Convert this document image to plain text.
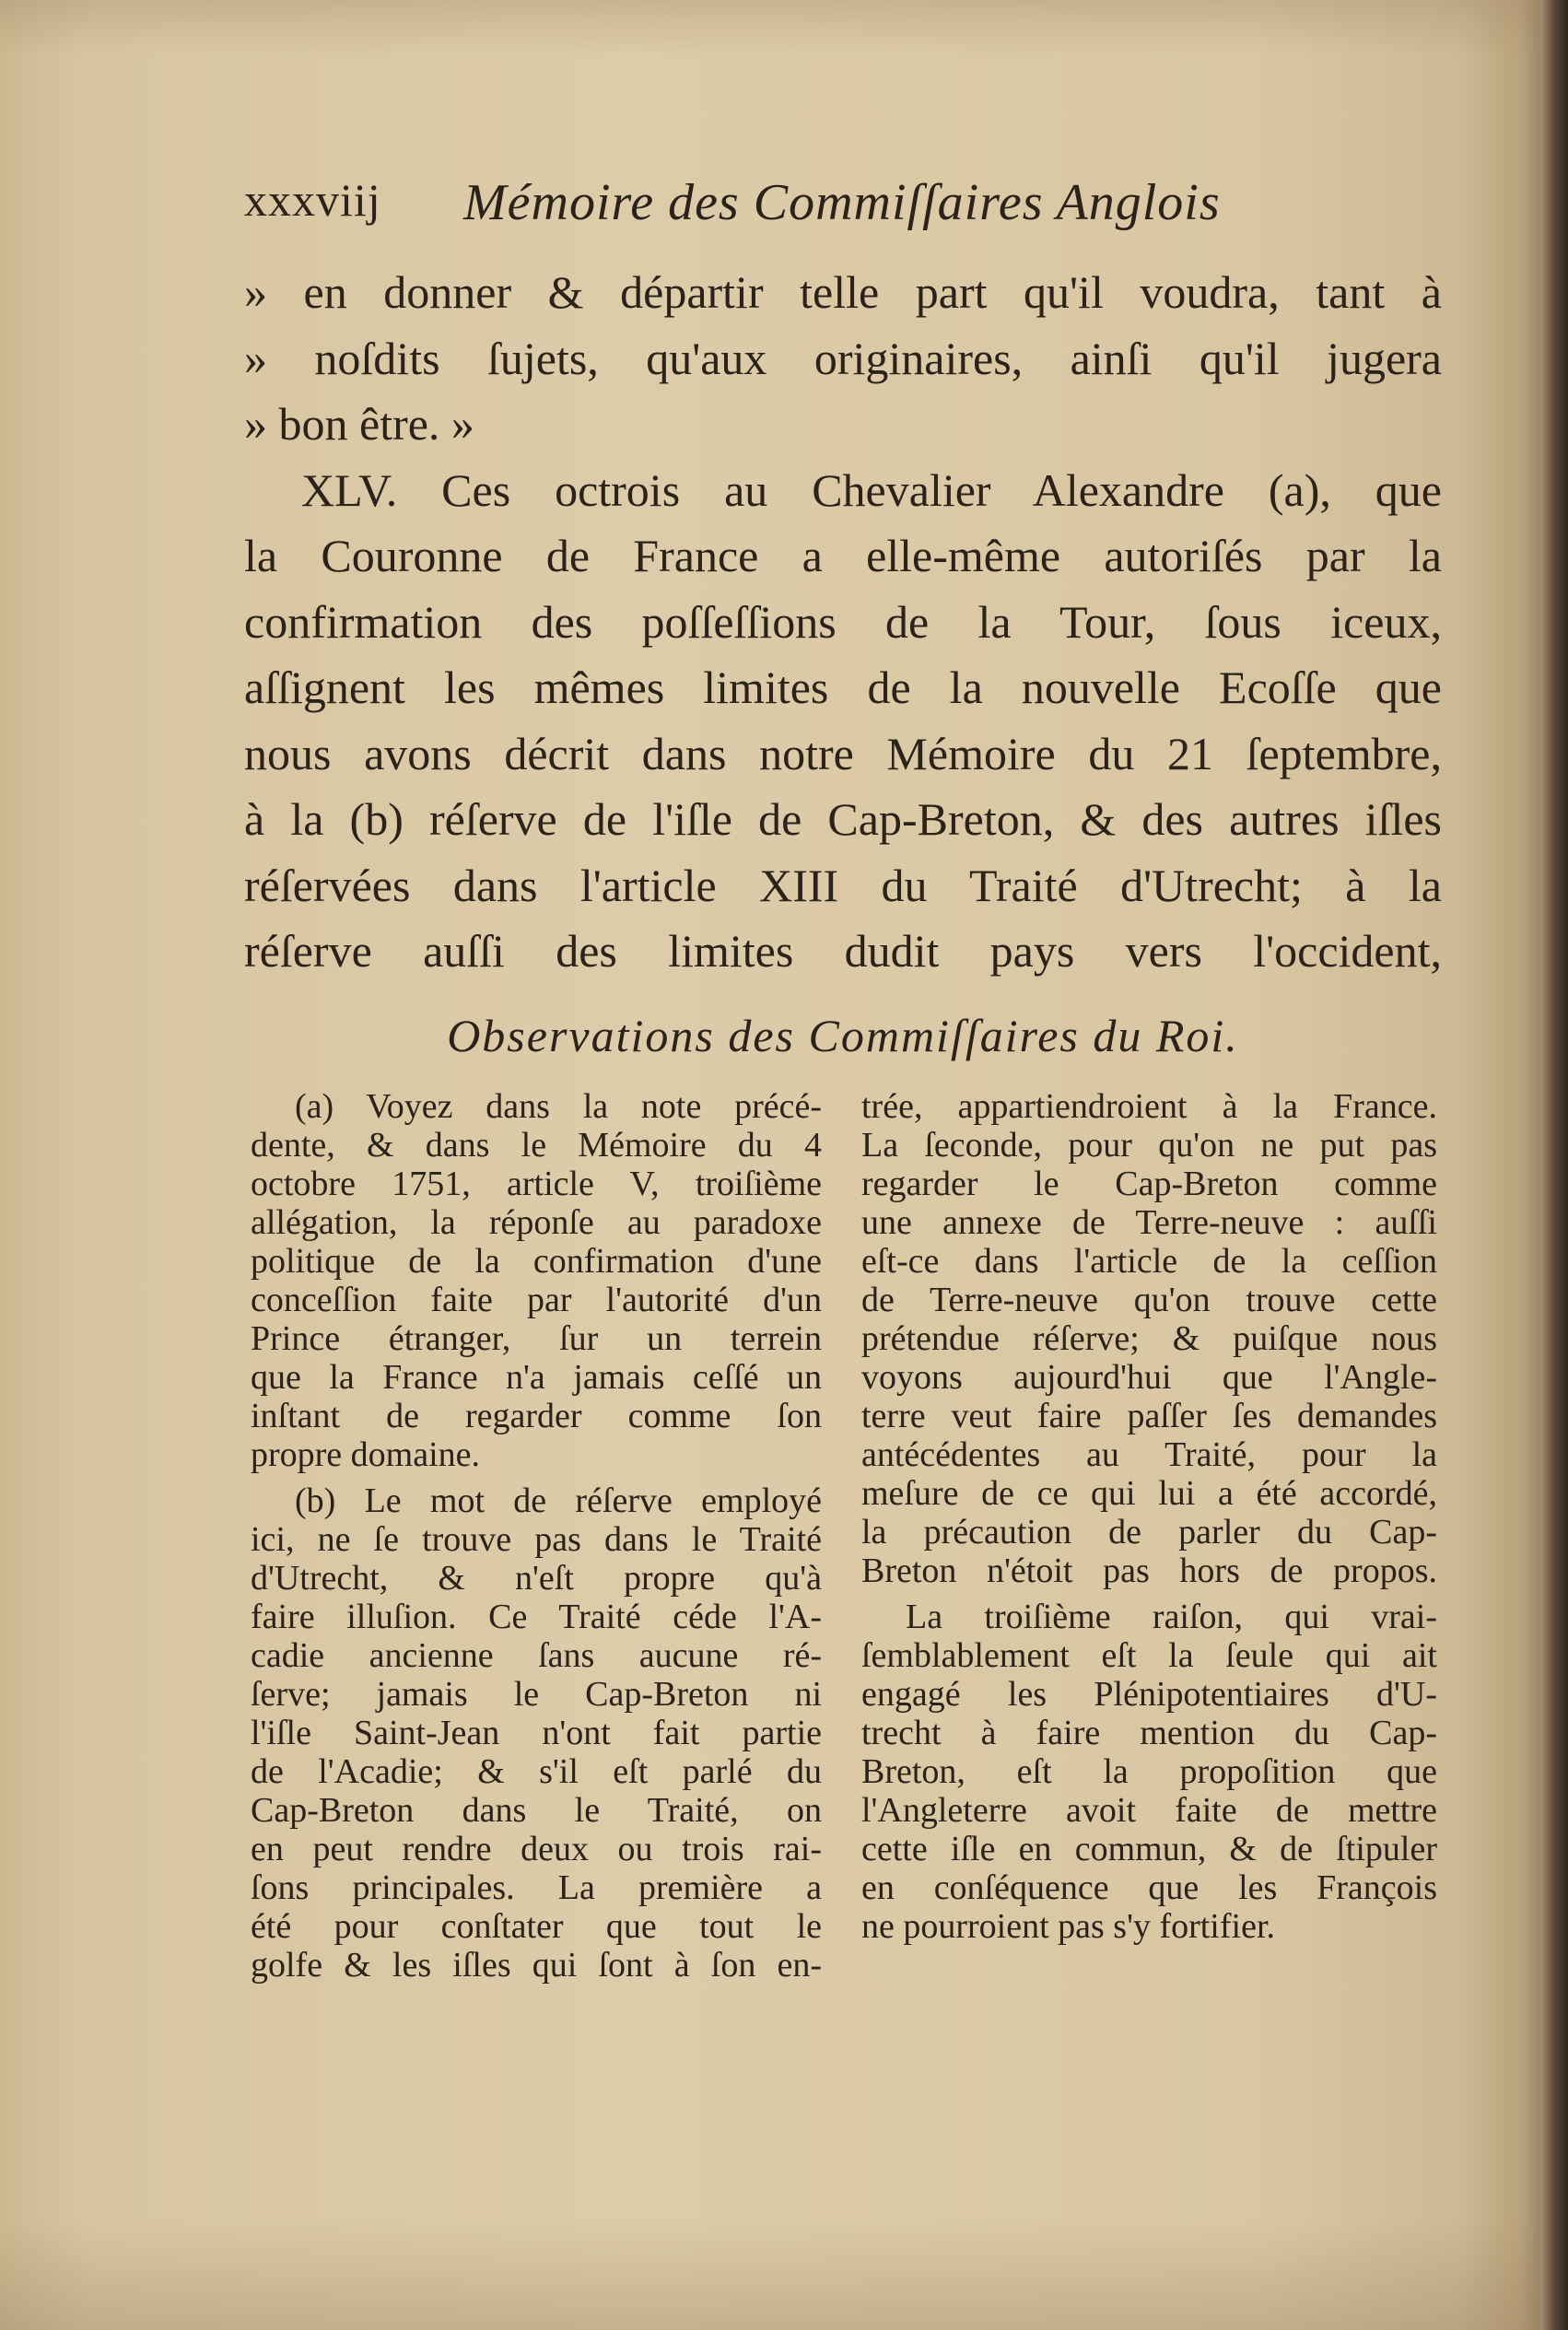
xxxviij Mémoire des Commiſſaires Anglois
» en donner & départir telle part qu'il voudra, tant à
» noſdits ſujets, qu'aux originaires, ainſi qu'il jugera
» bon être. »
XLV. Ces octrois au Chevalier Alexandre (a), que
la Couronne de France a elle-même autoriſés par la
confirmation des poſſeſſions de la Tour, ſous iceux,
aſſignent les mêmes limites de la nouvelle Ecoſſe que
nous avons décrit dans notre Mémoire du 21 ſeptembre,
à la (b) réſerve de l'iſle de Cap-Breton, & des autres iſles
réſervées dans l'article XIII du Traité d'Utrecht; à la
réſerve auſſi des limites dudit pays vers l'occident,
Observations des Commiſſaires du Roi.
(a) Voyez dans la note précé-
dente, & dans le Mémoire du 4
octobre 1751, article V, troiſième
allégation, la réponſe au paradoxe
politique de la confirmation d'une
conceſſion faite par l'autorité d'un
Prince étranger, ſur un terrein
que la France n'a jamais ceſſé un
inſtant de regarder comme ſon
propre domaine.
(b) Le mot de réſerve employé
ici, ne ſe trouve pas dans le Traité
d'Utrecht, & n'eſt propre qu'à
faire illuſion. Ce Traité céde l'A-
cadie ancienne ſans aucune ré-
ſerve; jamais le Cap-Breton ni
l'iſle Saint-Jean n'ont fait partie
de l'Acadie; & s'il eſt parlé du
Cap-Breton dans le Traité, on
en peut rendre deux ou trois rai-
ſons principales. La première a
été pour conſtater que tout le
golfe & les iſles qui ſont à ſon en-
trée, appartiendroient à la France.
La ſeconde, pour qu'on ne put pas
regarder le Cap-Breton comme
une annexe de Terre-neuve : auſſi
eſt-ce dans l'article de la ceſſion
de Terre-neuve qu'on trouve cette
prétendue réſerve; & puiſque nous
voyons aujourd'hui que l'Angle-
terre veut faire paſſer ſes demandes
antécédentes au Traité, pour la
meſure de ce qui lui a été accordé,
la précaution de parler du Cap-
Breton n'étoit pas hors de propos.
La troiſième raiſon, qui vrai-
ſemblablement eſt la ſeule qui ait
engagé les Plénipotentiaires d'U-
trecht à faire mention du Cap-
Breton, eſt la propoſition que
l'Angleterre avoit faite de mettre
cette iſle en commun, & de ſtipuler
en conſéquence que les François
ne pourroient pas s'y fortifier.
